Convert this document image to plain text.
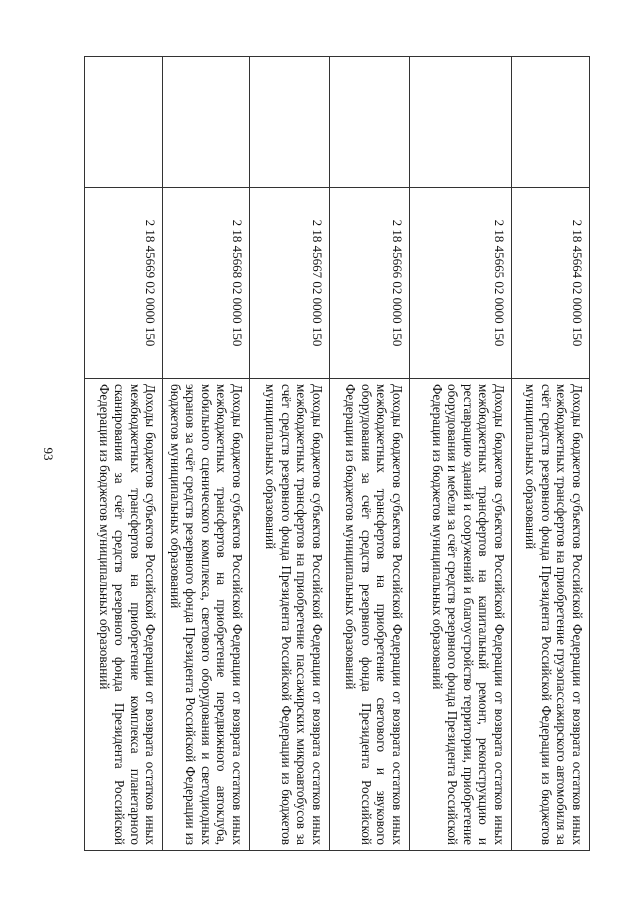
93
	2 18 45664 02 0000 150	Доходы бюджетов субъектов Российской Федерации от возврата остатков иных межбюджетных трансфертов на приобретение грузопассажирского автомобиля за счёт средств резервного фонда Президента Российской Федерации из бюджетов муниципальных образований
	2 18 45665 02 0000 150	Доходы бюджетов субъектов Российской Федерации от возврата остатков иных межбюджетных трансфертов на капитальный ремонт, реконструкцию и реставрацию зданий и сооружений и благоустройство территории, приобретение оборудования и мебели за счёт средств резервного фонда Президента Российской Федерации из бюджетов муниципальных образований
	2 18 45666 02 0000 150	Доходы бюджетов субъектов Российской Федерации от возврата остатков иных межбюджетных трансфертов на приобретение светового и звукового оборудования за счёт средств резервного фонда Президента Российской Федерации из бюджетов муниципальных образований
	2 18 45667 02 0000 150	Доходы бюджетов субъектов Российской Федерации от возврата остатков иных межбюджетных трансфертов на приобретение пассажирских микроавтобусов за счёт средств резервного фонда Президента Российской Федерации из бюджетов муниципальных образований
	2 18 45668 02 0000 150	Доходы бюджетов субъектов Российской Федерации от возврата остатков иных межбюджетных трансфертов на приобретение передвижного автоклуба, мобильного сценического комплекса, светового оборудования и светодиодных экранов за счёт средств резервного фонда Президента Российской Федерации из бюджетов муниципальных образований
	2 18 45669 02 0000 150	Доходы бюджетов субъектов Российской Федерации от возврата остатков иных межбюджетных трансфертов на приобретение комплекса планетарного сканирования за счёт средств резервного фонда Президента Российской Федерации из бюджетов муниципальных образований
